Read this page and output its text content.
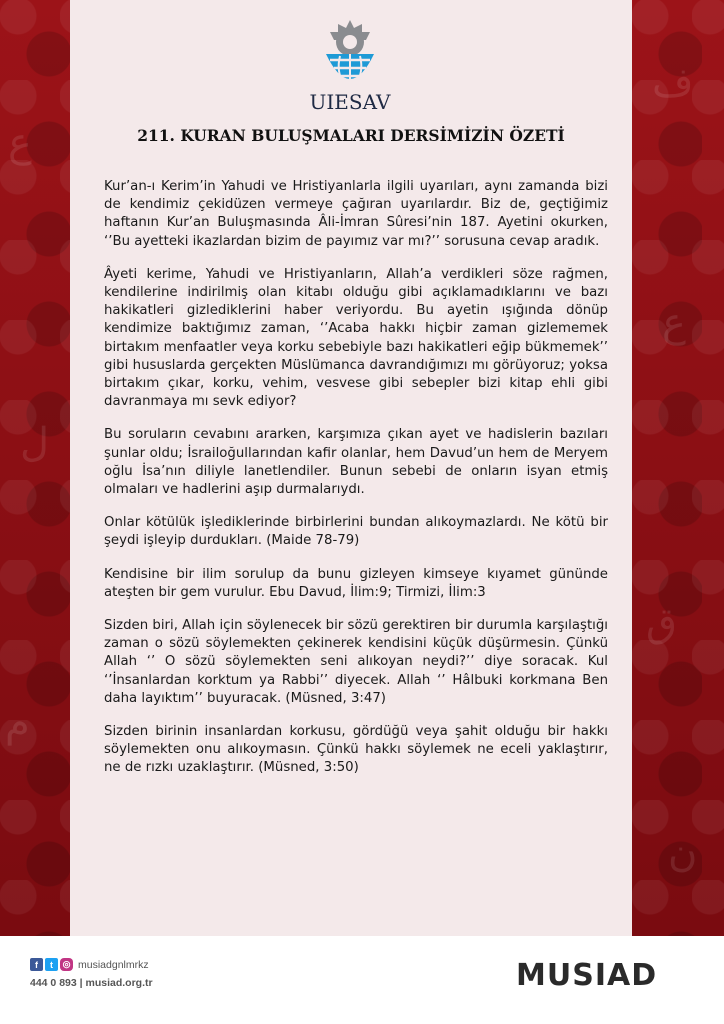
ع
ل
م
ف
ع
ق
ن
UIESAV
211. KURAN BULUŞMALARI DERSİMİZİN ÖZETİ

Kur’an-ı Kerim’in Yahudi ve Hristiyanlarla ilgili uyarıları, aynı zamanda bizi de kendimiz çekidüzen vermeye çağıran uyarılardır. Biz de, geçtiğimiz haftanın Kur’an Buluşmasında Âli-İmran Sûresi’nin 187. Ayetini okurken, ‘’Bu ayetteki ikazlardan bizim de payımız var mı?’’ sorusuna cevap aradık.

Âyeti kerime, Yahudi ve Hristiyanların, Allah’a verdikleri söze rağmen, kendilerine indirilmiş olan kitabı olduğu gibi açıklamadıklarını ve bazı hakikatleri gizlediklerini haber veriyordu. Bu ayetin ışığında dönüp kendimize baktığımız zaman, ‘’Acaba hakkı hiçbir zaman gizlememek birtakım menfaatler veya korku sebebiyle bazı hakikatleri eğip bükmemek’’ gibi hususlarda gerçekten Müslümanca davrandığımızı mı görüyoruz; yoksa birtakım çıkar, korku, vehim, vesvese gibi sebepler bizi kitap ehli gibi davranmaya mı sevk ediyor?

Bu soruların cevabını ararken, karşımıza çıkan ayet ve hadislerin bazıları şunlar oldu; İsrailoğullarından kafir olanlar, hem Davud’un hem de Meryem oğlu İsa’nın diliyle lanetlendiler. Bunun sebebi de onların isyan etmiş olmaları ve hadlerini aşıp durmalarıydı.

Onlar kötülük işlediklerinde birbirlerini bundan alıkoymazlardı. Ne kötü bir şeydi işleyip durdukları. (Maide 78-79)

Kendisine bir ilim sorulup da bunu gizleyen kimseye kıyamet gününde ateşten bir gem vurulur. Ebu Davud, İlim:9; Tirmizi, İlim:3

Sizden biri, Allah için söylenecek bir sözü gerektiren bir durumla karşılaştığı zaman o sözü söylemekten çekinerek kendisini küçük düşürmesin. Çünkü Allah ‘’ O sözü söylemekten seni alıkoyan neydi?’’ diye soracak. Kul ‘’İnsanlardan korktum ya Rabbi’’ diyecek. Allah ‘’ Hâlbuki korkmana Ben daha layıktım’’ buyuracak. (Müsned, 3:47)

Sizden birinin insanlardan korkusu, gördüğü veya şahit olduğu bir hakkı söylemekten onu alıkoymasın. Çünkü hakkı söylemek ne eceli yaklaştırır, ne de rızkı uzaklaştırır. (Müsned, 3:50)

f	t	◎ musiadgnlmrkz
444 0 893 | musiad.org.tr	MUSIAD
